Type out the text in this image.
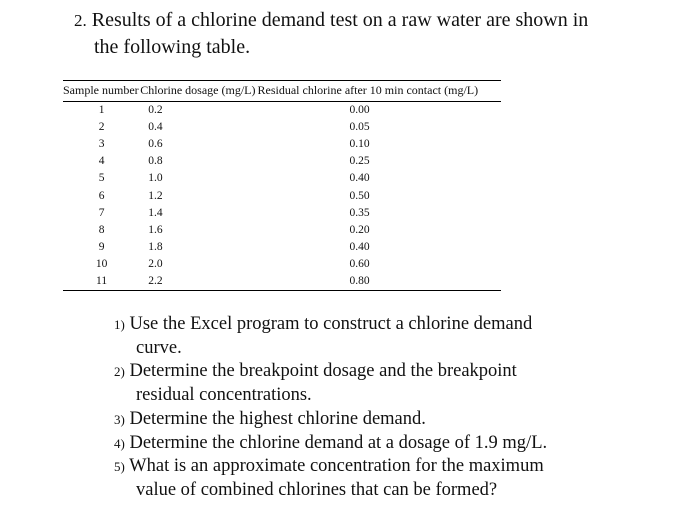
2. Results of a chlorine demand test on a raw water are shown in
the following table.
Sample number	Chlorine dosage (mg/L)	Residual chlorine after 10 min contact (mg/L)
1	0.2	0.00
2	0.4	0.05
3	0.6	0.10
4	0.8	0.25
5	1.0	0.40
6	1.2	0.50
7	1.4	0.35
8	1.6	0.20
9	1.8	0.40
10	2.0	0.60
11	2.2	0.80
1) Use the Excel program to construct a chlorine demand
curve.
2) Determine the breakpoint dosage and the breakpoint
residual concentrations.
3) Determine the highest chlorine demand.
4) Determine the chlorine demand at a dosage of 1.9 mg/L.
5) What is an approximate concentration for the maximum
value of combined chlorines that can be formed?
